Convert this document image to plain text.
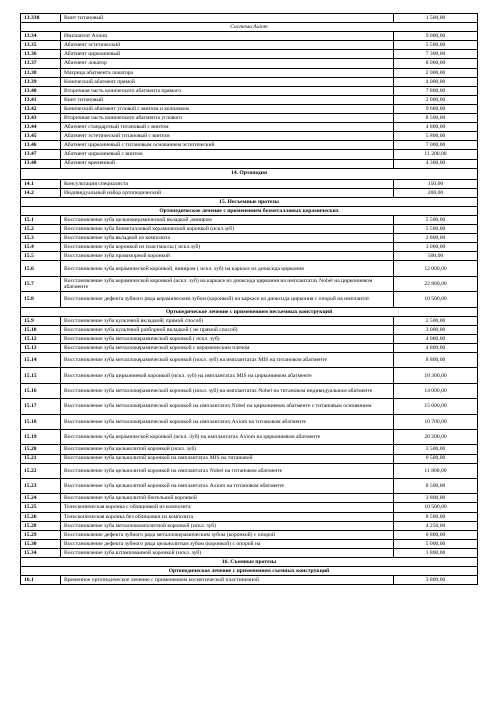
13.330	Винт титановый	1 500,00
Система Axiom		
13.34	Имплантат Axiom	9 000,00
13.35	Абатмент эстетический	5 500,00
13.36	Абатмент циркониевый	7 300,00
13.37	Абатмент локатор	8 000,00
13.38	Матрица абатмента локатора	2 000,00
13.39	Конический абатмент прямой	4 000,00
13.40	Вторичная часть конического абатмента прямого	7 800,00
13.41	Винт титановый	2 000,00
13.42	Конический абатмент угловой с винтом и колпачком	9 600,00
13.43	Вторичная часть конического абатмента углового	8 500,00
13.44	Абатмент стандартный титановый с винтом	4 800,00
13.45	Абатмент эстетический титановый с винтом	5 800,00
13.46	Абатмент циркониевый с титановым основанием эстетический	7 000,00
13.47	Абатмент циркониевый с винтом	11 200,00
13.48	Абатмент временный	4 300,00
14. Ортопедия		
14.1	Консультация специалиста	150,00
14.2	Индивидуальный набор ортопедический	200,00
15. Несъемные протезы		
Ортопедическое лечение с применением безметалловых керамических		
15.1	Восстановление зуба цельнокерамической вкладкой ,виниром	5 500,00
15.2	Восстановление зуба безметалловой керамической коронкой (искл.зуб)	5 500,00
15.3	Восстановление зуба вкладкой из композита	2 800,00
15.4	Восстановление зуба коронкой из пластмассы ( искл.зуб)	3 000,00
15.5	Восстановление зуба провизорной коронкой	500,00
15.6	Восстановление зуба керамической коронкой, виниром ( искл. зуб) на каркасе из диоксида циркония	12 000,00
15.7	Восстановление зуба керамической коронкой (искл. зуб) на каркасе из диоксида циркония на имплантатах Nobel на циркониевом абатменте	22 800,00
15.8	Восстановление дефекта зубного ряда керамическим зубом (коронкой) на каркасе из диоксида циркония с опорой на имплантат	10 500,00
Ортопедическое лечение с применением несъемных конструкций		
15.9	Восстановление зуба культевой вкладкой( прямой способ)	2 500,00
15.10	Восстановление зуба культевой разборной вкладкой ( не прямой способ)	3 000,00
15.12	Восстановление зуба металлокерамической коронкой ( искл. зуб)	4 000,00
15.13	Восстановление зуба металлокерамической коронкой с керамическим плечом	4 800,00
15.14	Восстановление зуба металлокерамической коронкой (искл. зуб) на имплантатах MIS на титановом абатменте	8 800,00
15.15	Восстановление зуба циркониевой коронкой (искл. зуб) на имплантатах MIS на циркониевом абатменте	18 300,00
15.16	Восстановление зуба металлокерамической коронкой (искл. зуб) на имплантатах Nobel на титановом индивидуальном абатменте	14 000,00
15.17	Восстановление зуба металлокерамической коронкой на имплантатах Nobel на циркониевом абатменте с титановым основанием	15 600,00
15.18	Восстановление зуба металлокерамической коронкой на имплантатах Axiom на титановом абатменте	10 700,00
15.19	Восстановление зуба керамической коронкой (искл. Зуб) на имплантатах Axiom на циркониевом абатменте	20 200,00
15.20	Восстановление зуба цельнолитой коронкой (искл. зуб)	3 500,00
15.21	Восстановление зуба цельнолитой коронкой на имплантатах MIS на титановой	6 500,00
15.22	Восстановление зуба цельнолитой коронкой на имплантатах Nobel на титановом абатменте	11 800,00
15.23	Восстановление зуба цельнолитой коронкой на имплантатах Axiom на титановом абатменте	8 500,00
15.24	Восстановление зуба цельнолитой бюгельной коронкой	3 800,00
15.25	Телескопическая коронка с облицовкой из композита	10 500,00
15.26	Телескопическая коронка без облицовки из композита	8 500,00
15.28	Восстановление зуба металлокомпозитной коронкой (искл. зуб)	4 250,00
15.29	Восстановление дефекта зубного ряда металлокерамическим зубом (коронкой) с опорой	6 800,00
15.30	Восстановление дефекта зубного ряда цельнолитым зубом (коронкой) с опорой на	5 000,00
15.34	Восстановление зуба штампованной коронкой (искл. зуб)	1 800,00
16. Съемные протезы		
Ортопедическое лечение с применением съемных конструкций		
16.1	Временное ортопедическое лечение с применением косметической пластиночной	3 800,00
